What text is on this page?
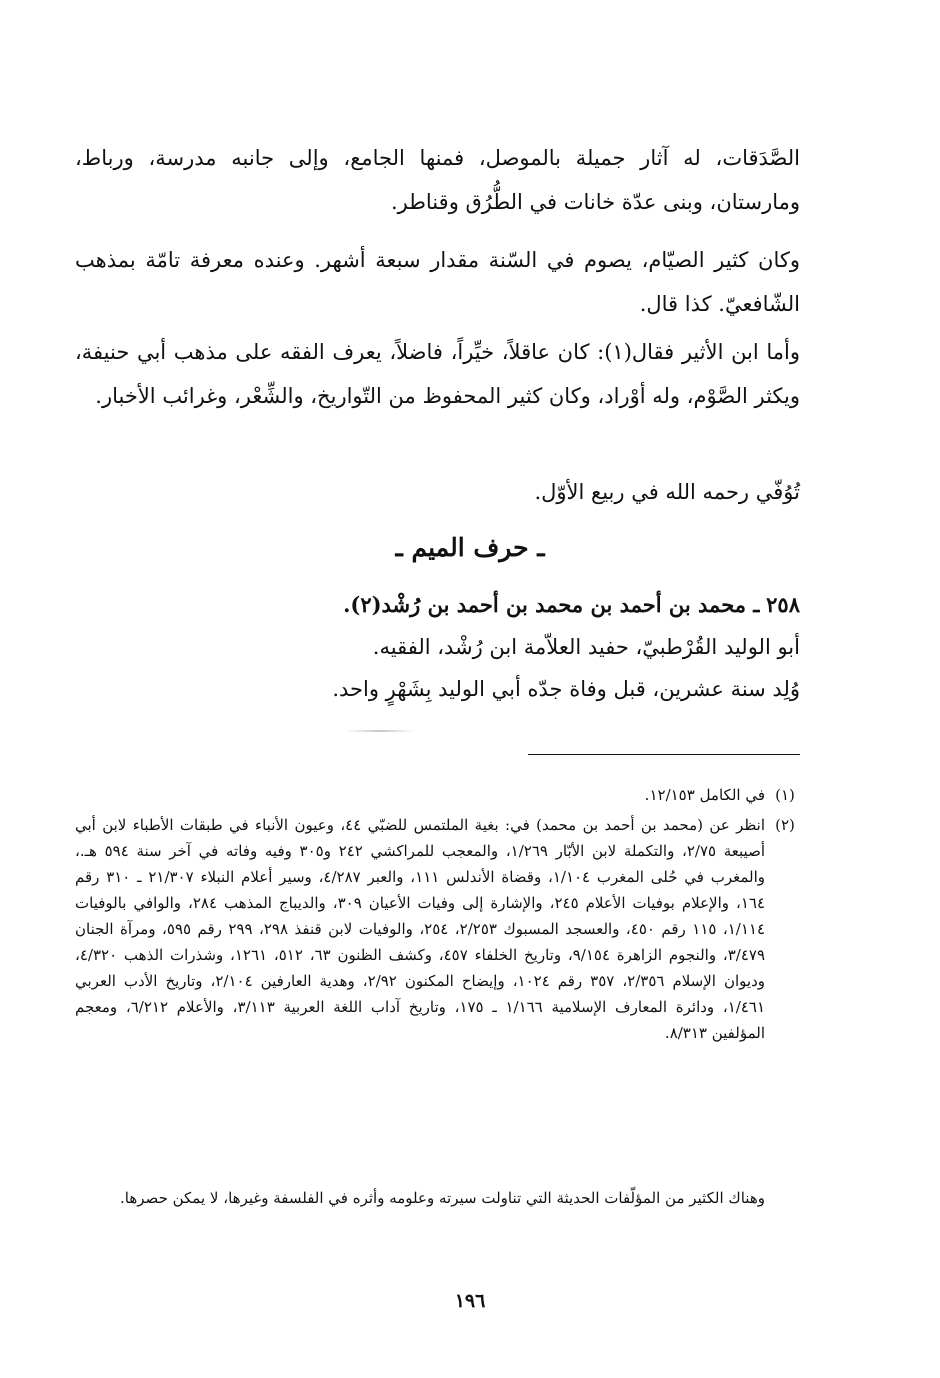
الصَّدَقات، له آثار جميلة بالموصل، فمنها الجامع، وإلى جانبه مدرسة، ورباط، ومارستان، وبنى عدّة خانات في الطُّرُق وقناطر.
وكان كثير الصيّام، يصوم في السّنة مقدار سبعة أشهر. وعنده معرفة تامّة بمذهب الشّافعيّ. كذا قال.
وأما ابن الأثير فقال(١): كان عاقلاً، خيِّراً، فاضلاً، يعرف الفقه على مذهب أبي حنيفة، ويكثر الصَّوْم، وله أوْراد، وكان كثير المحفوظ من التّواريخ، والشِّعْر، وغرائب الأخبار.
تُوُفّي رحمه الله في ربيع الأوّل.
ـ حرف الميم ـ
٢٥٨ ـ محمد بن أحمد بن محمد بن أحمد بن رُشْد(٢).
أبو الوليد القُرْطبيّ، حفيد العلاّمة ابن رُشْد، الفقيه.
وُلِد سنة عشرين، قبل وفاة جدّه أبي الوليد بِشَهْرٍ واحد.
(١)
في الكامل ١٢/١٥٣.
(٢)
انظر عن (محمد بن أحمد بن محمد) في: بغية الملتمس للضبّي ٤٤، وعيون الأنباء في طبقات الأطباء لابن أبي أصيبعة ٢/٧٥، والتكملة لابن الأبّار ١/٢٦٩، والمعجب للمراكشي ٢٤٢ و٣٠٥ وفيه وفاته في آخر سنة ٥٩٤ هـ.، والمغرب في حُلى المغرب ١/١٠٤، وقضاة الأندلس ١١١، والعبر ٤/٢٨٧، وسير أعلام النبلاء ٢١/٣٠٧ ـ ٣١٠ رقم ١٦٤، والإعلام بوفيات الأعلام ٢٤٥، والإشارة إلى وفيات الأعيان ٣٠٩، والديباج المذهب ٢٨٤، والوافي بالوفيات ١/١١٤، ١١٥ رقم ٤٥٠، والعسجد المسبوك ٢/٢٥٣، ٢٥٤، والوفيات لابن قنفذ ٢٩٨، ٢٩٩ رقم ٥٩٥، ومرآة الجنان ٣/٤٧٩، والنجوم الزاهرة ٩/١٥٤، وتاريخ الخلفاء ٤٥٧، وكشف الظنون ٦٣، ٥١٢، ١٢٦١، وشذرات الذهب ٤/٣٢٠، وديوان الإسلام ٢/٣٥٦، ٣٥٧ رقم ١٠٢٤، وإيضاح المكنون ٢/٩٢، وهدية العارفين ٢/١٠٤، وتاريخ الأدب العربي ١/٤٦١، ودائرة المعارف الإسلامية ١/١٦٦ ـ ١٧٥، وتاريخ آداب اللغة العربية ٣/١١٣، والأعلام ٦/٢١٢، ومعجم المؤلفين ٨/٣١٣.
وهناك الكثير من المؤلّفات الحديثة التي تناولت سيرته وعلومه وأثره في الفلسفة وغيرها، لا يمكن حصرها.
١٩٦
